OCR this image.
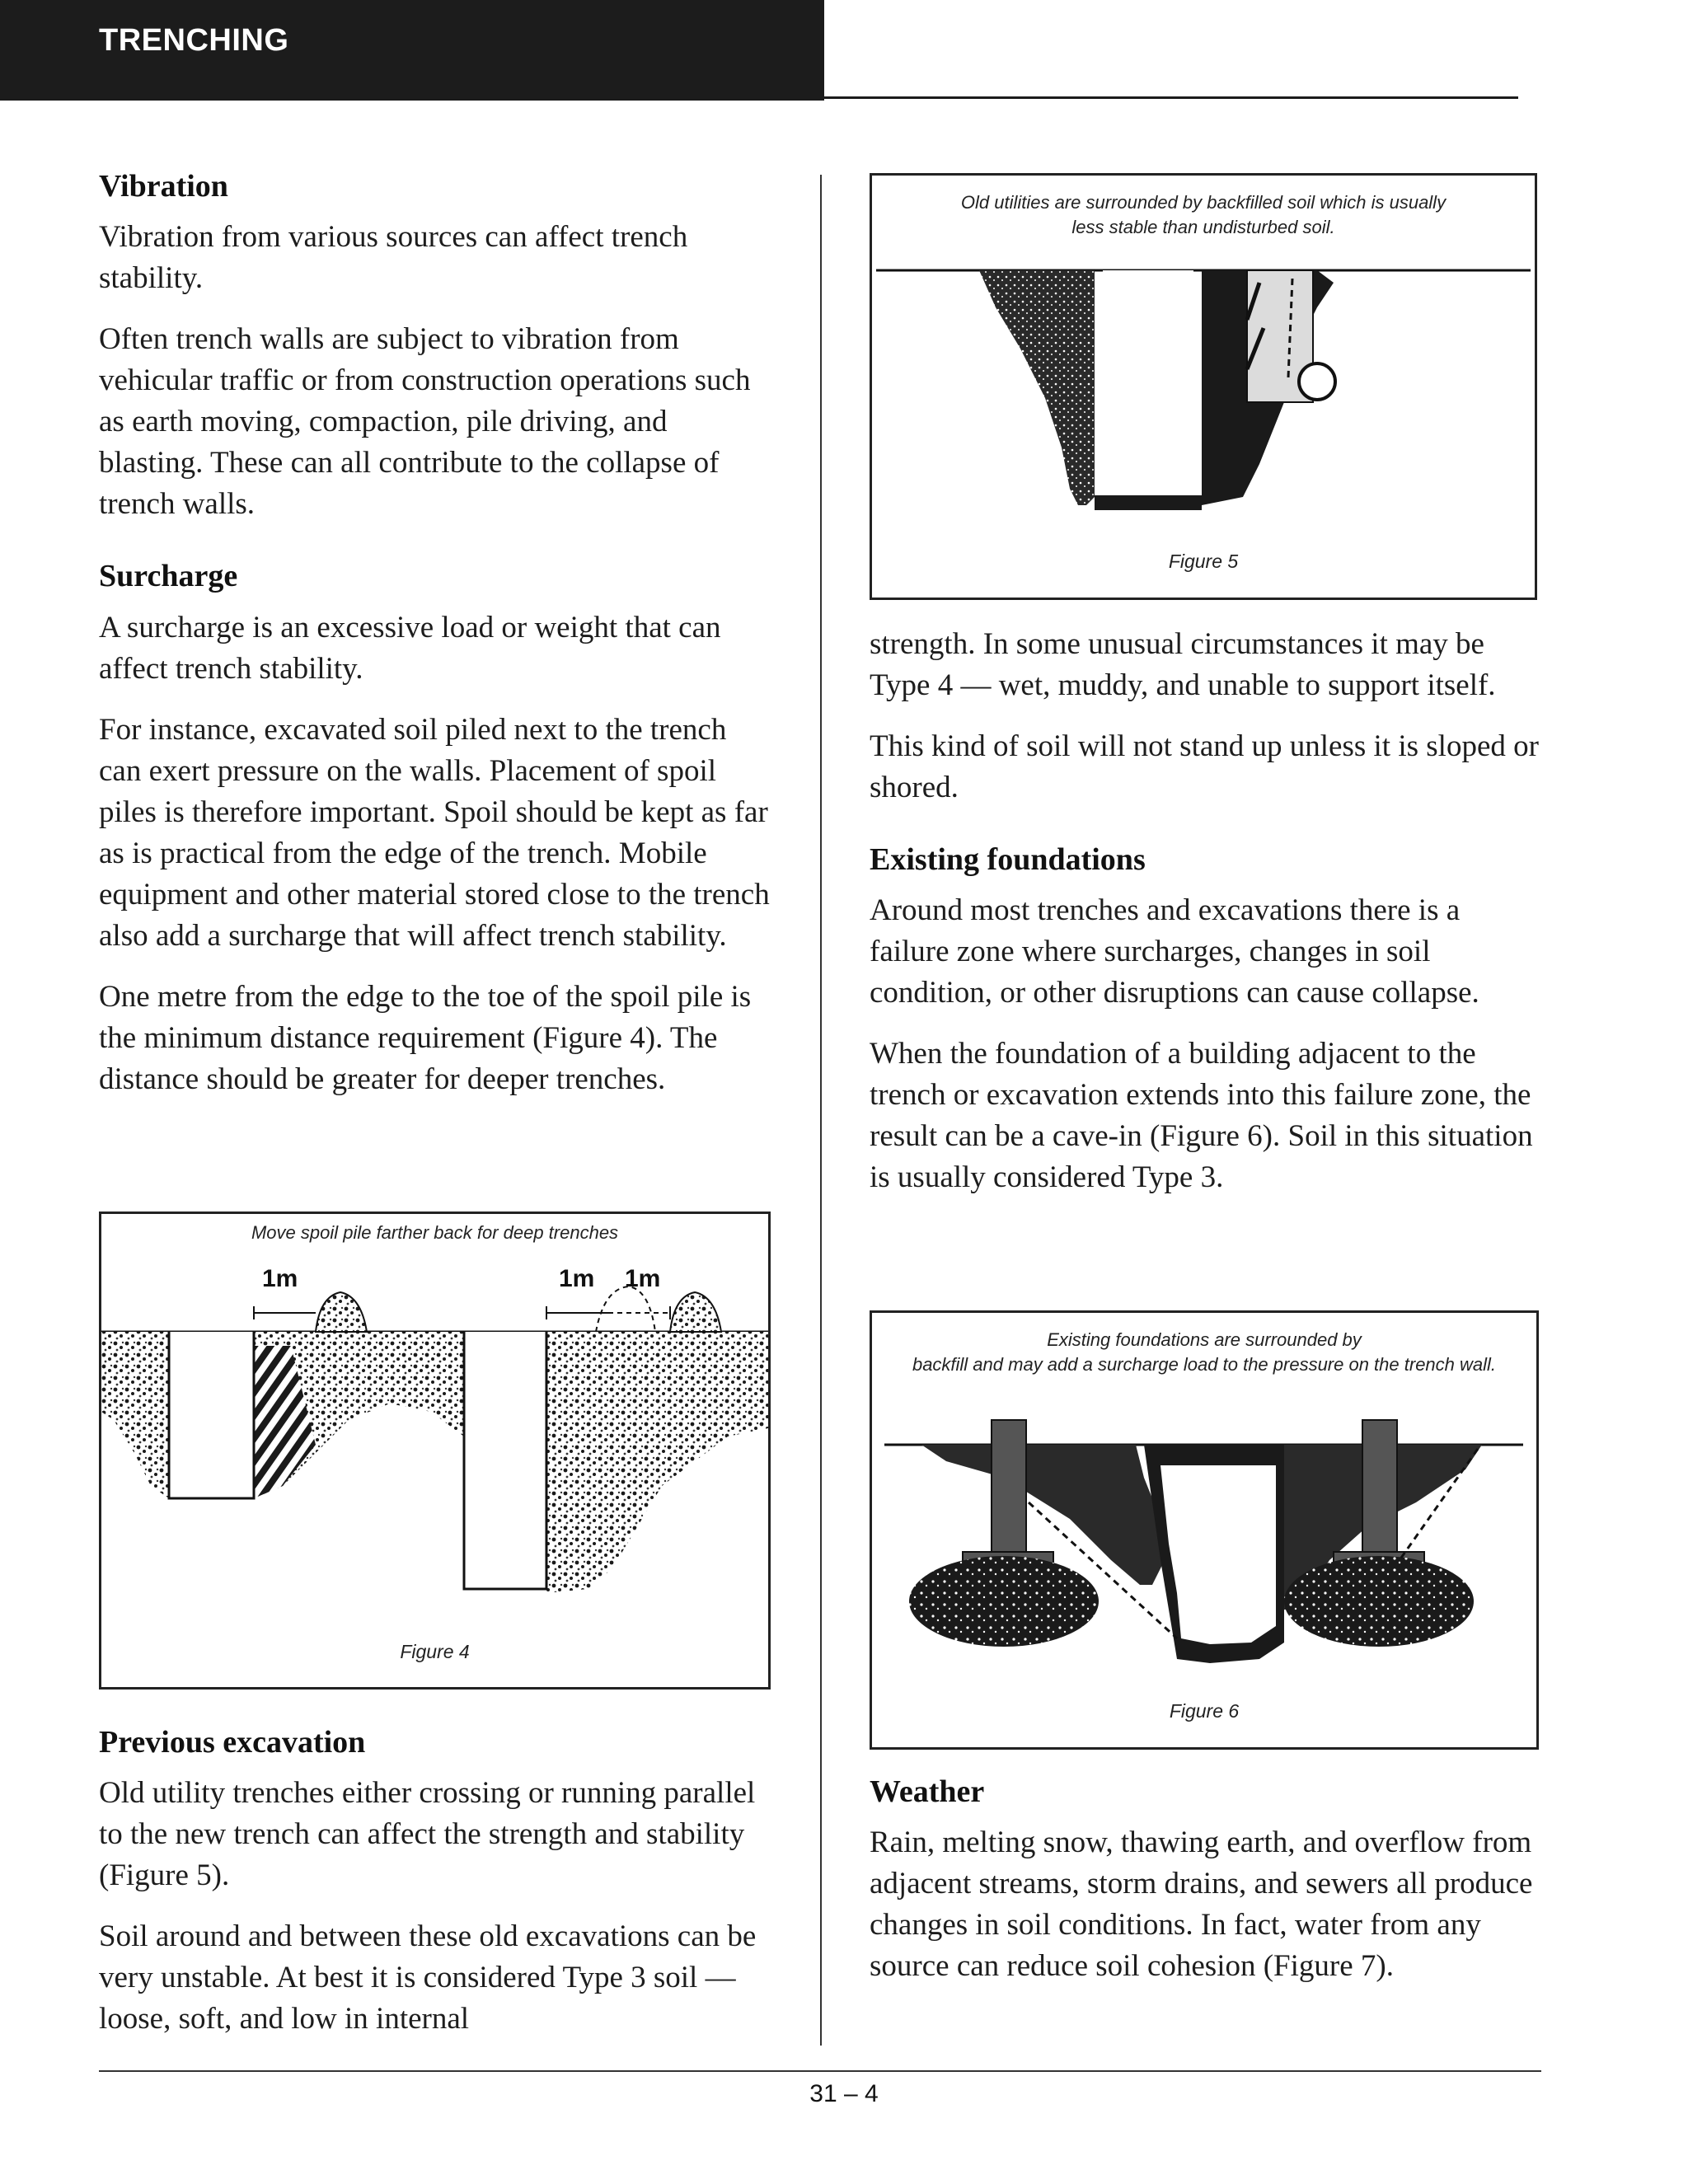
TRENCHING
Vibration

Vibration from various sources can affect trench stability.

Often trench walls are subject to vibration from vehicular traffic or from construction operations such as earth moving, compaction, pile driving, and blasting. These can all contribute to the collapse of trench walls.

Surcharge

A surcharge is an excessive load or weight that can affect trench stability.

For instance, excavated soil piled next to the trench can exert pressure on the walls. Placement of spoil piles is therefore important. Spoil should be kept as far as is practical from the edge of the trench. Mobile equipment and other material stored close to the trench also add a surcharge that will affect trench stability.

One metre from the edge to the toe of the spoil pile is the minimum distance requirement (Figure 4). The distance should be greater for deeper trenches.

Move spoil pile farther back for deep trenches
1m	1m 1m
Figure 4
Previous excavation

Old utility trenches either crossing or running parallel to the new trench can affect the strength and stability (Figure 5).

Soil around and between these old excavations can be very unstable. At best it is considered Type 3 soil — loose, soft, and low in internal

Old utilities are surrounded by backfilled soil which is usually
less stable than undisturbed soil.
Figure 5

strength. In some unusual circumstances it may be Type 4 — wet, muddy, and unable to support itself.

This kind of soil will not stand up unless it is sloped or shored.

Existing foundations

Around most trenches and excavations there is a failure zone where surcharges, changes in soil condition, or other disruptions can cause collapse.

When the foundation of a building adjacent to the trench or excavation extends into this failure zone, the result can be a cave-in (Figure 6). Soil in this situation is usually considered Type 3.

Existing foundations are surrounded by
backfill and may add a surcharge load to the pressure on the trench wall.
Figure 6
Weather

Rain, melting snow, thawing earth, and overflow from adjacent streams, storm drains, and sewers all produce changes in soil conditions. In fact, water from any source can reduce soil cohesion (Figure 7).

31 – 4
